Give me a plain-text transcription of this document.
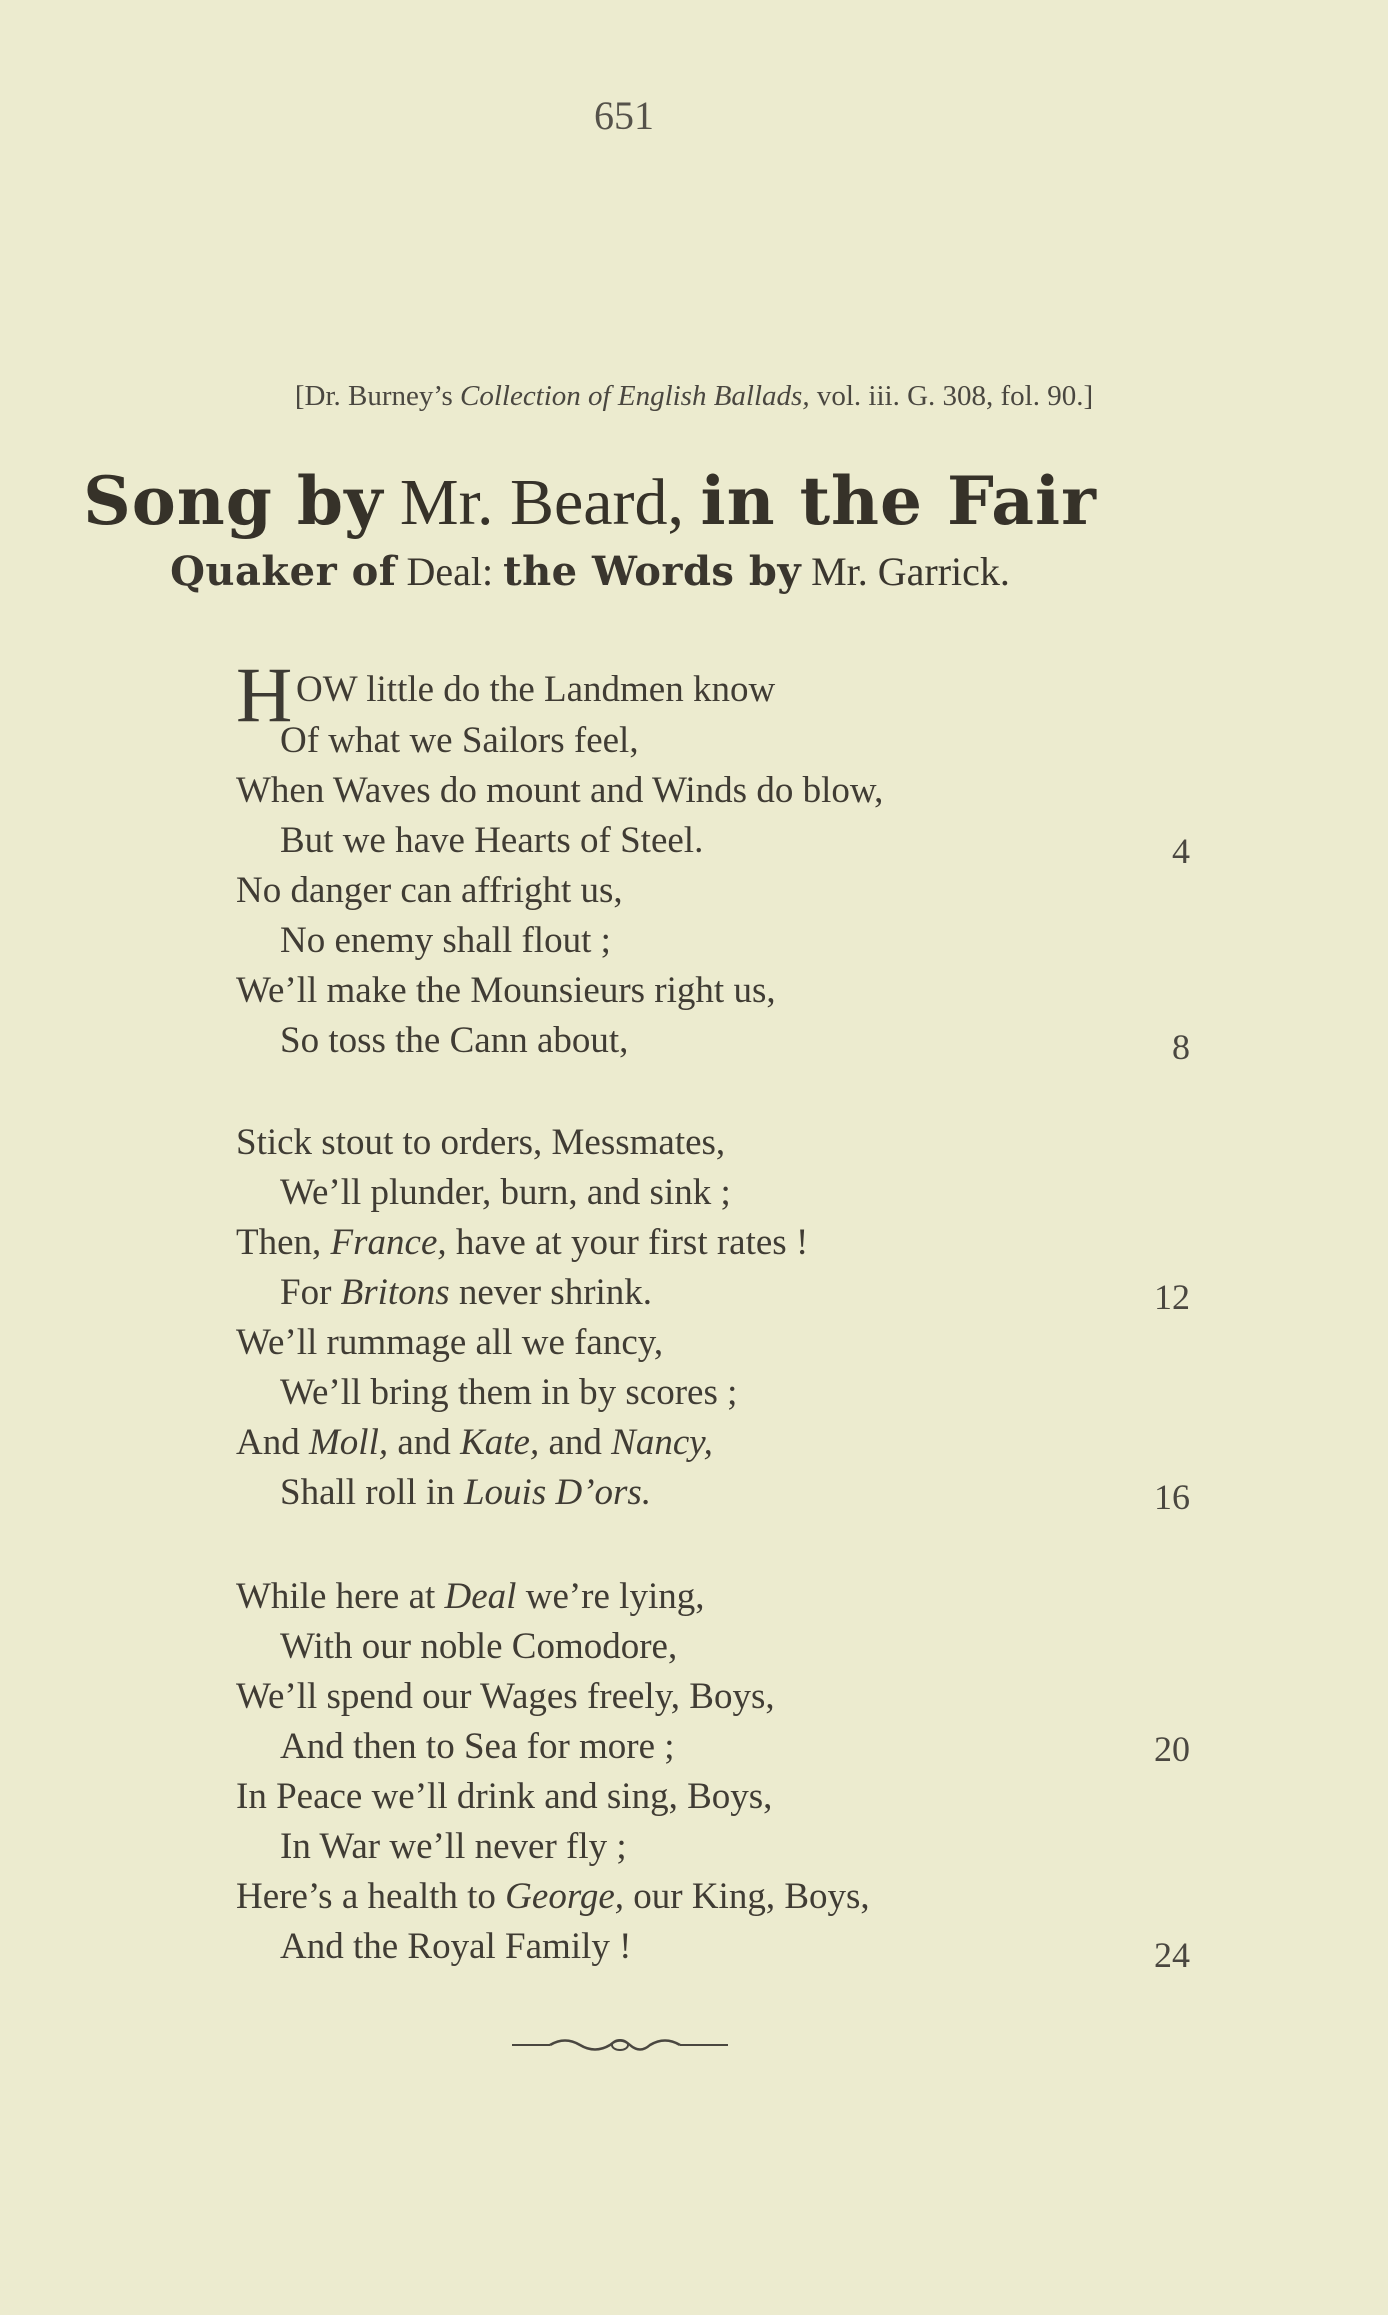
651
[Dr. Burney’s Collection of English Ballads, vol. iii. G. 308, fol. 90.]
Song by Mr. Beard, in the Fair
Quaker of Deal: the Words by Mr. Garrick.
H OW little do the Landmen know
Of what we Sailors feel,
When Waves do mount and Winds do blow,
But we have Hearts of Steel.
No danger can affright us,
No enemy shall flout ;
We’ll make the Mounsieurs right us,
So toss the Cann about,
4
8
Stick stout to orders, Messmates,
We’ll plunder, burn, and sink ;
Then, France, have at your first rates !
For Britons never shrink.
We’ll rummage all we fancy,
We’ll bring them in by scores ;
And Moll, and Kate, and Nancy,
Shall roll in Louis D’ors.
12
16
While here at Deal we’re lying,
With our noble Comodore,
We’ll spend our Wages freely, Boys,
And then to Sea for more ;
In Peace we’ll drink and sing, Boys,
In War we’ll never fly ;
Here’s a health to George, our King, Boys,
And the Royal Family !
20
24
